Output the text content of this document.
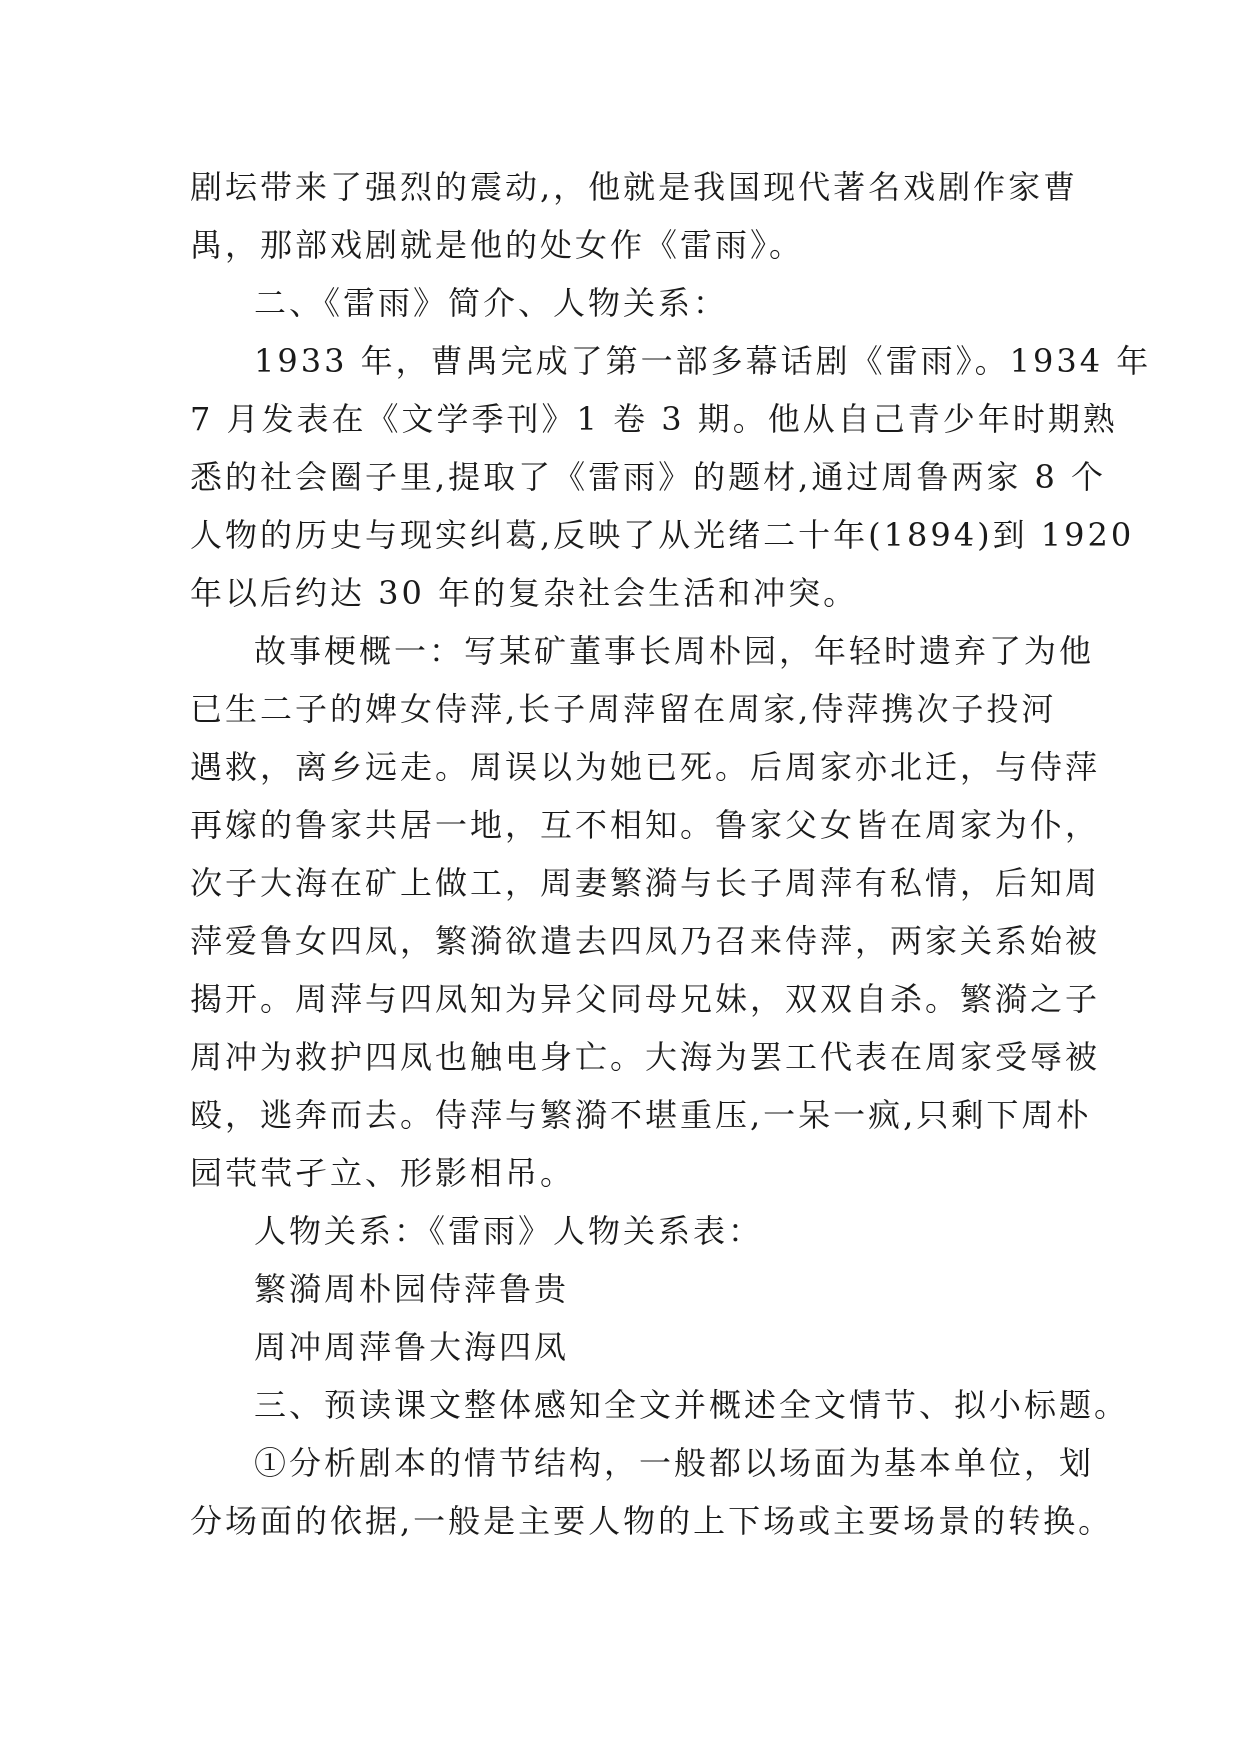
剧坛带来了强烈的震动,，他就是我国现代著名戏剧作家曹
禺，那部戏剧就是他的处女作《雷雨》。
二、《雷雨》简介、人物关系：
1933 年，曹禺完成了第一部多幕话剧《雷雨》。1934 年
7 月发表在《文学季刊》1 卷 3 期。他从自己青少年时期熟
悉的社会圈子里,提取了《雷雨》的题材,通过周鲁两家 8 个
人物的历史与现实纠葛,反映了从光绪二十年(1894)到 1920
年以后约达 30 年的复杂社会生活和冲突。
故事梗概一：写某矿董事长周朴园，年轻时遗弃了为他
已生二子的婢女侍萍,长子周萍留在周家,侍萍携次子投河
遇救，离乡远走。周误以为她已死。后周家亦北迁，与侍萍
再嫁的鲁家共居一地，互不相知。鲁家父女皆在周家为仆，
次子大海在矿上做工，周妻繁漪与长子周萍有私情，后知周
萍爱鲁女四凤，繁漪欲遣去四凤乃召来侍萍，两家关系始被
揭开。周萍与四凤知为异父同母兄妹，双双自杀。繁漪之子
周冲为救护四凤也触电身亡。大海为罢工代表在周家受辱被
殴，逃奔而去。侍萍与繁漪不堪重压,一呆一疯,只剩下周朴
园茕茕孑立、形影相吊。
人物关系：《雷雨》人物关系表：
繁漪周朴园侍萍鲁贵
周冲周萍鲁大海四凤
三、预读课文整体感知全文并概述全文情节、拟小标题。
①分析剧本的情节结构，一般都以场面为基本单位，划
分场面的依据,一般是主要人物的上下场或主要场景的转换。
